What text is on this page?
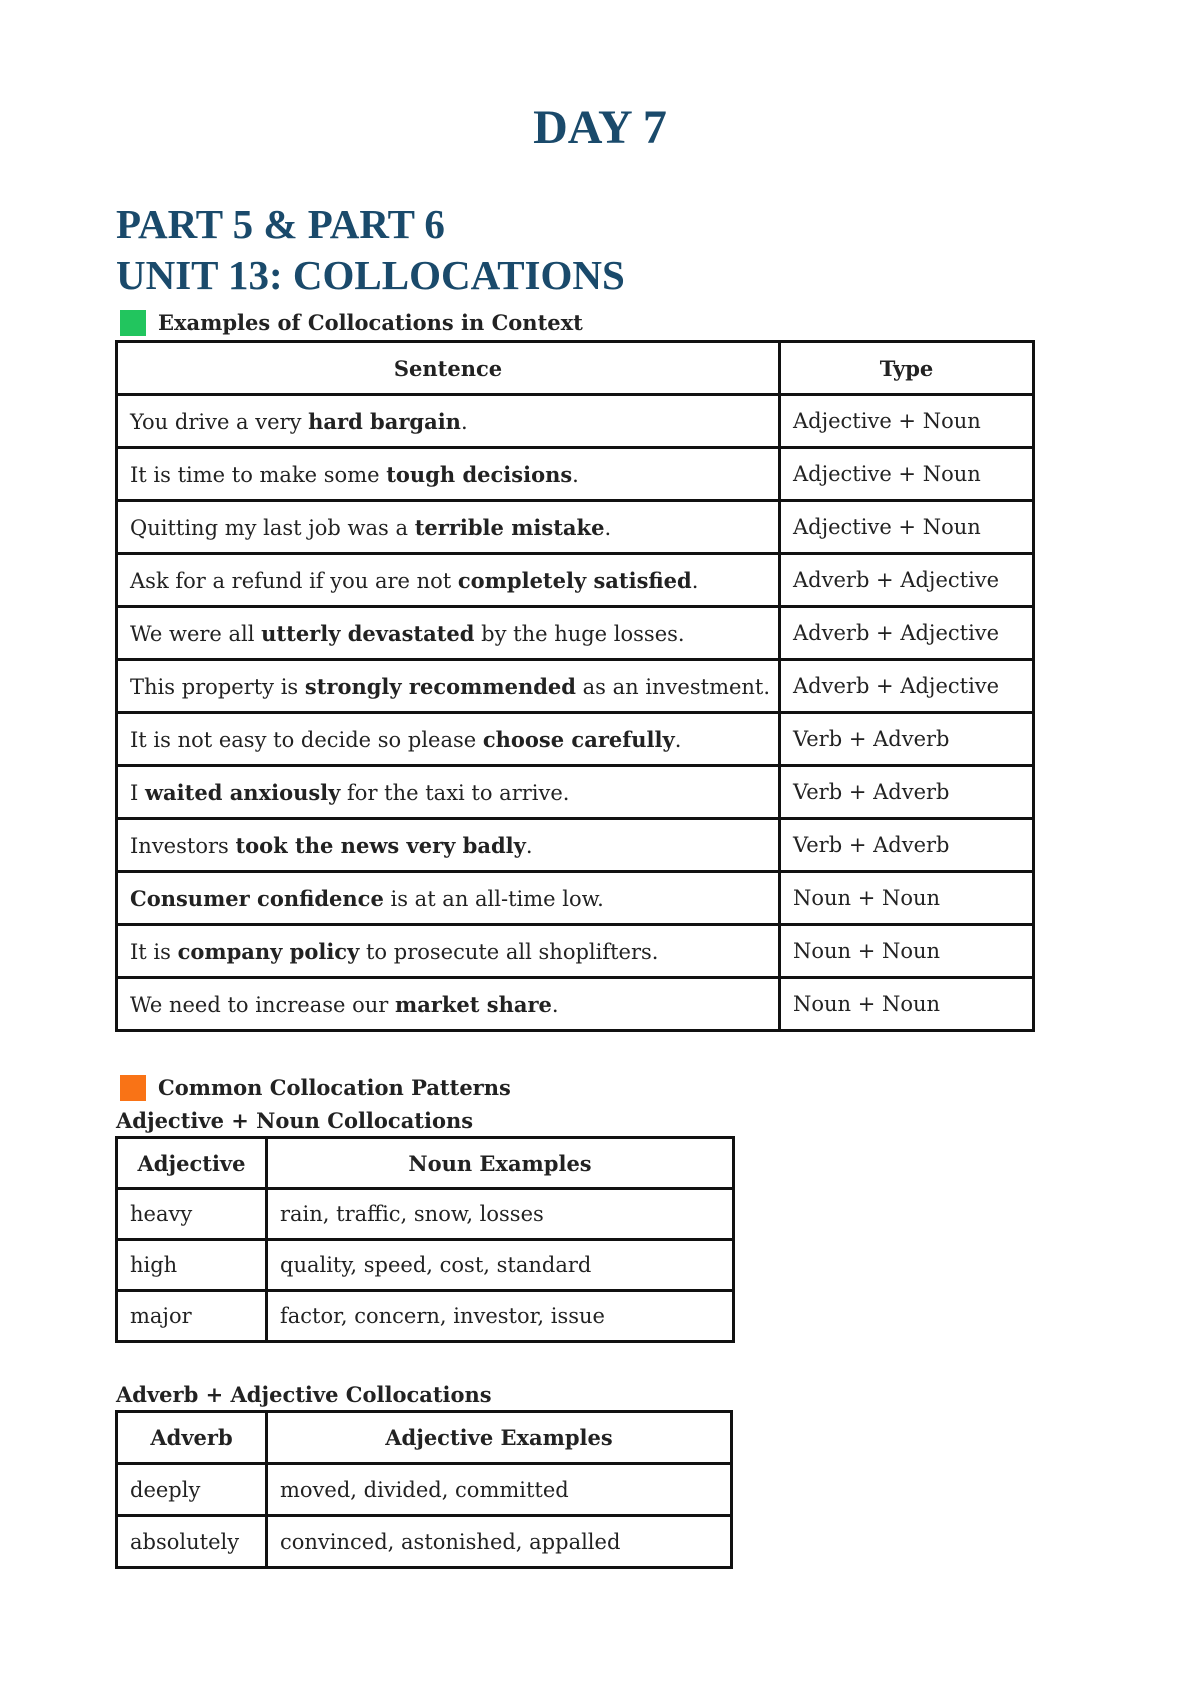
DAY 7
PART 5 & PART 6
UNIT 13: COLLOCATIONS
Examples of Collocations in Context
Sentence	Type
You drive a very hard bargain.	Adjective + Noun
It is time to make some tough decisions.	Adjective + Noun
Quitting my last job was a terrible mistake.	Adjective + Noun
Ask for a refund if you are not completely satisfied.	Adverb + Adjective
We were all utterly devastated by the huge losses.	Adverb + Adjective
This property is strongly recommended as an investment.	Adverb + Adjective
It is not easy to decide so please choose carefully.	Verb + Adverb
I waited anxiously for the taxi to arrive.	Verb + Adverb
Investors took the news very badly.	Verb + Adverb
Consumer confidence is at an all-time low.	Noun + Noun
It is company policy to prosecute all shoplifters.	Noun + Noun
We need to increase our market share.	Noun + Noun
Common Collocation Patterns
Adjective + Noun Collocations
Adjective	Noun Examples
heavy	rain, traffic, snow, losses
high	quality, speed, cost, standard
major	factor, concern, investor, issue
Adverb + Adjective Collocations
Adverb	Adjective Examples
deeply	moved, divided, committed
absolutely	convinced, astonished, appalled
